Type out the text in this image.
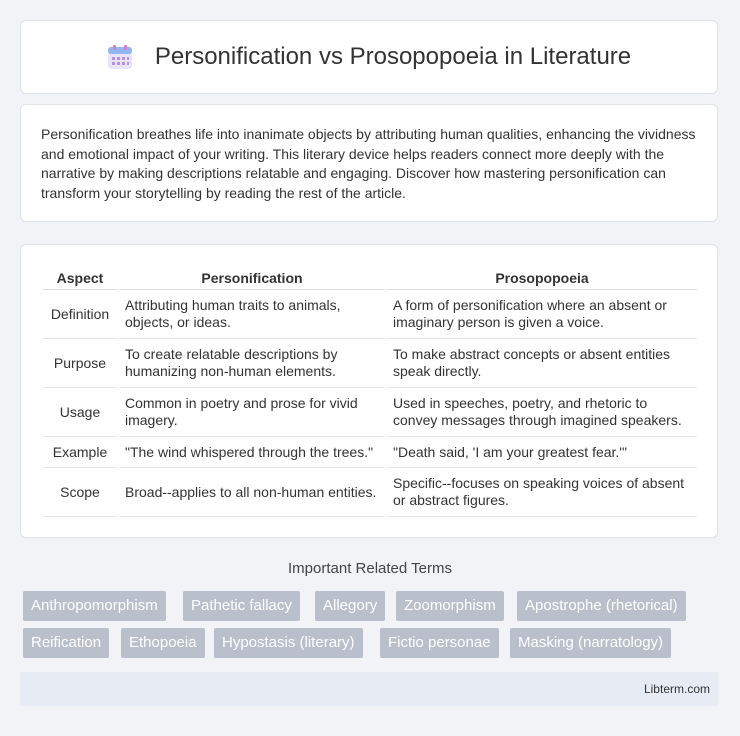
Personification vs Prosopopoeia in Literature

Personification breathes life into inanimate objects by attributing human qualities, enhancing the vividness and emotional impact of your writing. This literary device helps readers connect more deeply with the narrative by making descriptions relatable and engaging. Discover how mastering personification can transform your storytelling by reading the rest of the article.

Aspect	Personification	Prosopopoeia
Definition	Attributing human traits to animals, objects, or ideas.	A form of personification where an absent or imaginary person is given a voice.
Purpose	To create relatable descriptions by humanizing non-human elements.	To make abstract concepts or absent entities speak directly.
Usage	Common in poetry and prose for vivid imagery.	Used in speeches, poetry, and rhetoric to convey messages through imagined speakers.
Example	"The wind whispered through the trees."	"Death said, 'I am your greatest fear.'"
Scope	Broad--applies to all non-human entities.	Specific--focuses on speaking voices of absent or abstract figures.
Important Related Terms
Anthropomorphism	Pathetic fallacy	Allegory	Zoomorphism	Apostrophe (rhetorical)
Reification	Ethopoeia	Hypostasis (literary)	Fictio personae	Masking (narratology)
Libterm.com
